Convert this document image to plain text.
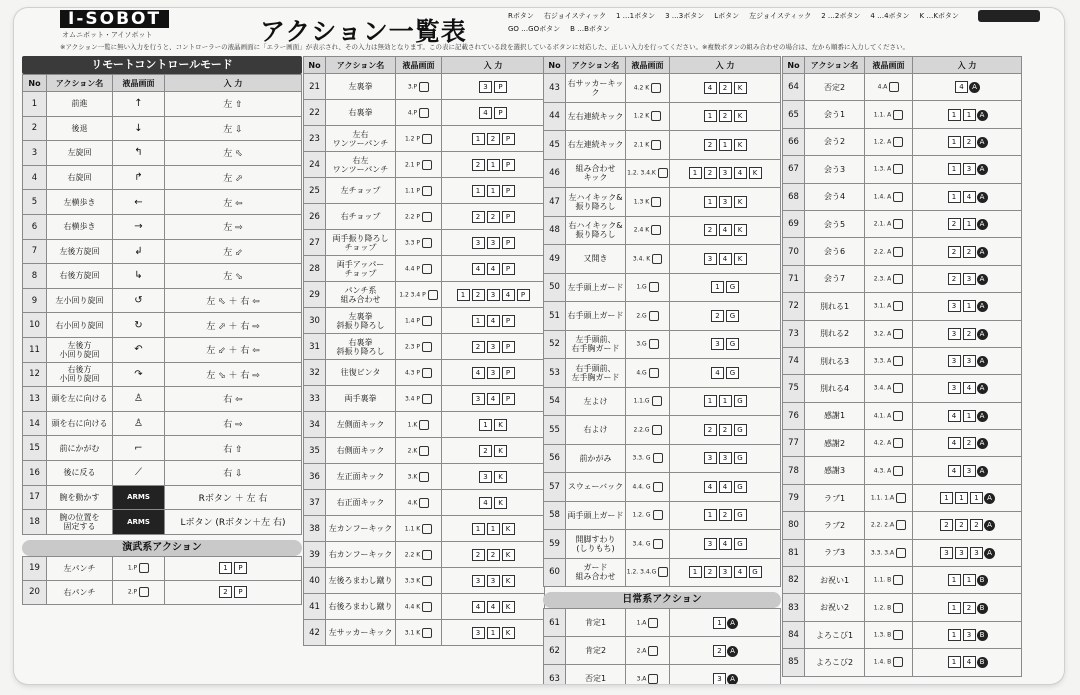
I-SOBOT
オムニボット・アイソボット	アクション一覧表
Rボタン 右ジョイスティック 1 …1ボタン 3 …3ボタン Lボタン 左ジョイスティック 2 …2ボタン 4 …4ボタン K …Kボタン
GO …GOボタン B …Bボタン
※アクション一覧に無い入力を行うと、コントローラーの液晶画面に「エラー画面」が表示され、その入力は無効となります。この表に記載されている段を選択しているボタンに対応した、正しい入力を行ってください。※複数ボタンの組み合わせの場合は、左から順番に入力してください。
リモートコントロールモード
No	アクション名	液晶画面	入 力
1	前進	↑	左 ⇧
2	後退	↓	左 ⇩
3	左旋回	↰	左 ⬁
4	右旋回	↱	左 ⬀
5	左横歩き	←	左 ⇦
6	右横歩き	→	左 ⇨
7	左後方旋回	↲	左 ⬃
8	右後方旋回	↳	左 ⬂
9	左小回り旋回	↺	左 ⬁ ＋ 右 ⇦
10	右小回り旋回	↻	左 ⬀ ＋ 右 ⇨
11	左後方
小回り旋回	↶	左 ⬃ ＋ 右 ⇦
12	右後方
小回り旋回	↷	左 ⬂ ＋ 右 ⇨
13	頭を左に向ける	♙	右 ⇦
14	頭を右に向ける	♙	右 ⇨
15	前にかがむ	⌐	右 ⇧
16	後に反る	⟋	右 ⇩
17	腕を動かす	ARMS	Rボタン ＋ 左 右
18	腕の位置を
固定する	ARMS	Lボタン (Rボタン＋左 右)
演武系アクション
19	左パンチ	1.P	1 P
20	右パンチ	2.P	2 P
No	アクション名	液晶画面	入 力
21	左裏拳	3.P	3 P
22	右裏拳	4.P	4 P
23	左右
ワンツーパンチ	1.2 P	1 2 P
24	右左
ワンツーパンチ	2.1 P	2 1 P
25	左チョップ	1.1 P	1 1 P
26	右チョップ	2.2 P	2 2 P
27	両手振り降ろし
チョップ	3.3 P	3 3 P
28	両手アッパー
チョップ	4.4 P	4 4 P
29	パンチ系
組み合わせ	1.2 3.4 P	1 2 3 4 P
30	左裏拳
斜振り降ろし	1.4 P	1 4 P
31	右裏拳
斜振り降ろし	2.3 P	2 3 P
32	往復ビンタ	4.3 P	4 3 P
33	両手裏拳	3.4 P	3 4 P
34	左側面キック	1.K	1 K
35	右側面キック	2.K	2 K
36	左正面キック	3.K	3 K
37	右正面キック	4.K	4 K
38	左カンフーキック	1.1 K	1 1 K
39	右カンフーキック	2.2 K	2 2 K
40	左後ろまわし蹴り	3.3 K	3 3 K
41	右後ろまわし蹴り	4.4 K	4 4 K
42	左サッカーキック	3.1 K	3 1 K
No	アクション名	液晶画面	入 力
43	右サッカーキック	4.2 K	4 2 K
44	左右連続キック	1.2 K	1 2 K
45	右左連続キック	2.1 K	2 1 K
46	組み合わせ
キック	1.2. 3.4.K	1 2 3 4 K
47	左ハイキック&
振り降ろし	1.3 K	1 3 K
48	右ハイキック&
振り降ろし	2.4 K	2 4 K
49	又開き	3.4. K	3 4 K
50	左手頭上ガード	1.G	1 G
51	右手頭上ガード	2.G	2 G
52	左手頭前、
右手胸ガード	3.G	3 G
53	右手頭前、
左手胸ガード	4.G	4 G
54	左よけ	1.1.G	1 1 G
55	右よけ	2.2.G	2 2 G
56	前かがみ	3.3. G	3 3 G
57	スウェーバック	4.4. G	4 4 G
58	両手頭上ガード	1.2. G	1 2 G
59	開脚すわり
(しりもち)	3.4. G	3 4 G
60	ガード
組み合わせ	1.2. 3.4.G	1 2 3 4 G
日常系アクション
61	肯定1	1.A	1 A
62	肯定2	2.A	2 A
63	否定1	3.A	3 A
No	アクション名	液晶画面	入 力
64	否定2	4.A	4 A
65	会う1	1.1. A	1 1 A
66	会う2	1.2. A	1 2 A
67	会う3	1.3. A	1 3 A
68	会う4	1.4. A	1 4 A
69	会う5	2.1. A	2 1 A
70	会う6	2.2. A	2 2 A
71	会う7	2.3. A	2 3 A
72	別れる1	3.1. A	3 1 A
73	別れる2	3.2. A	3 2 A
74	別れる3	3.3. A	3 3 A
75	別れる4	3.4. A	3 4 A
76	感謝1	4.1. A	4 1 A
77	感謝2	4.2. A	4 2 A
78	感謝3	4.3. A	4 3 A
79	ラブ1	1.1. 1.A	1 1 1 A
80	ラブ2	2.2. 2.A	2 2 2 A
81	ラブ3	3.3. 3.A	3 3 3 A
82	お祝い1	1.1. B	1 1 B
83	お祝い2	1.2. B	1 2 B
84	よろこび1	1.3. B	1 3 B
85	よろこび2	1.4. B	1 4 B
